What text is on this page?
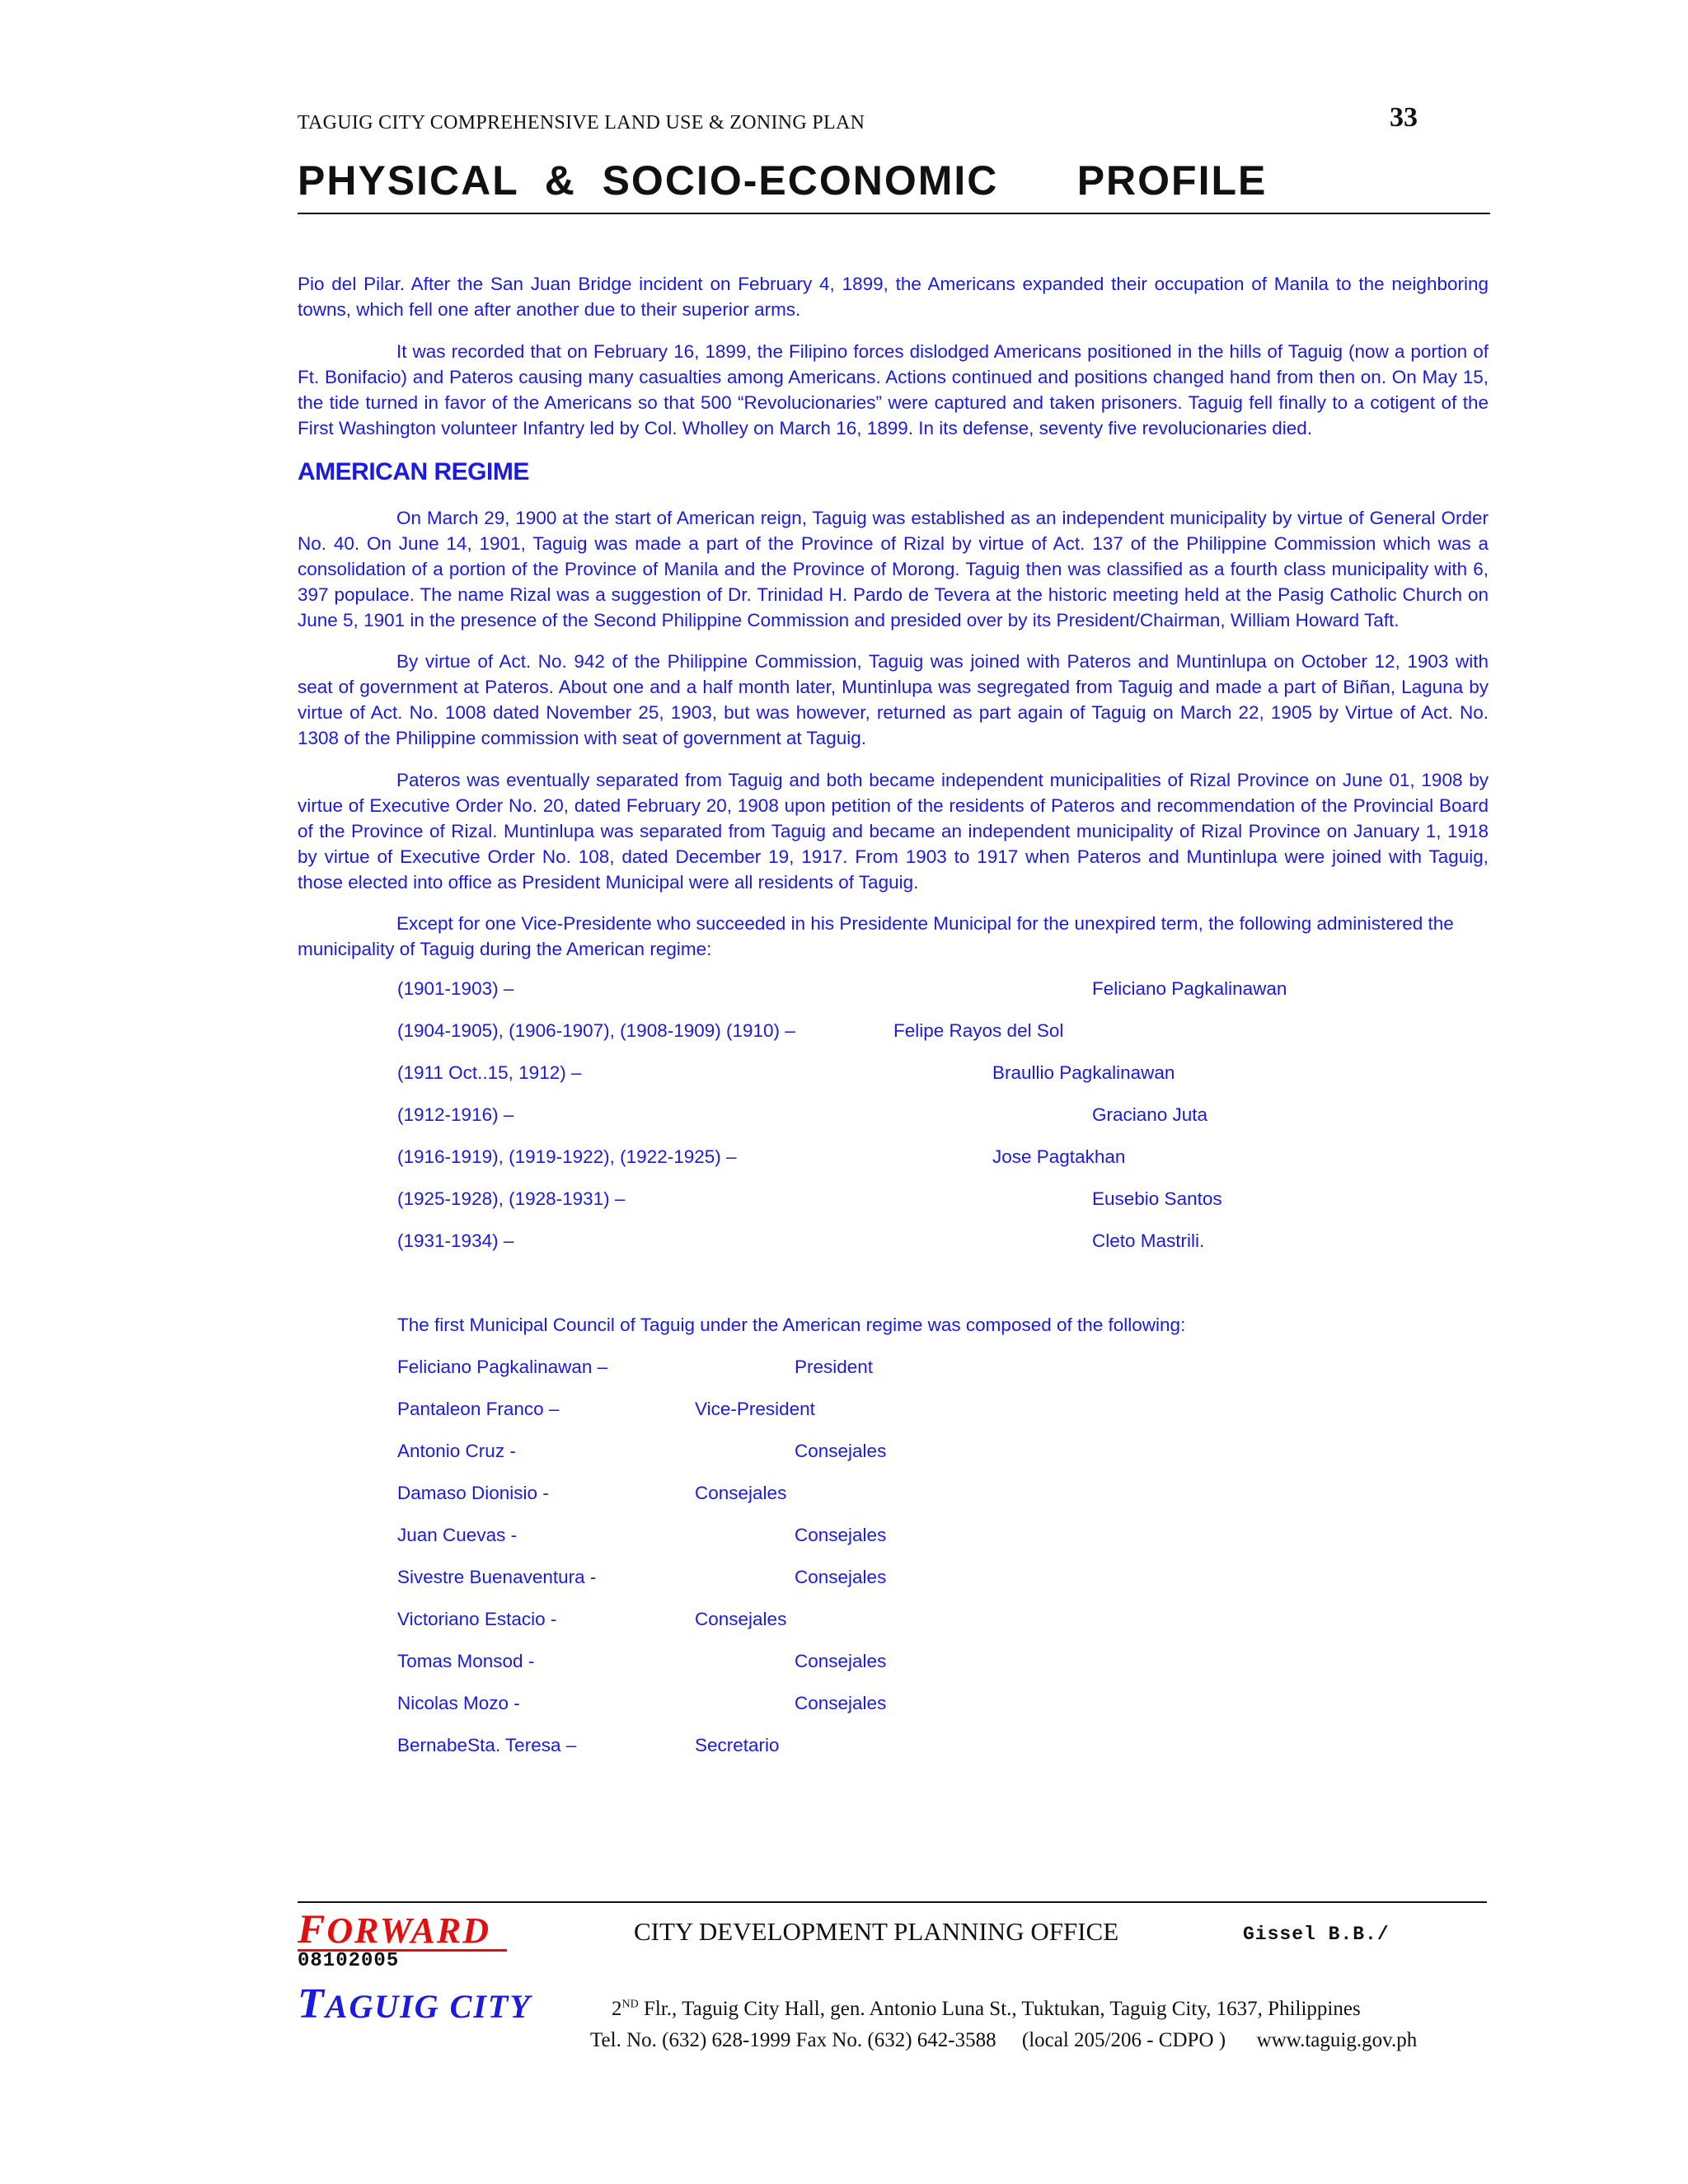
TAGUIG CITY COMPREHENSIVE LAND USE & ZONING PLAN	33
PHYSICAL  &  SOCIO-ECONOMIC      PROFILE
Pio del Pilar. After the San Juan Bridge incident on February 4, 1899, the Americans expanded their occupation of Manila to the neighboring towns, which fell one after another due to their superior arms.
It was recorded that on February 16, 1899, the Filipino forces dislodged Americans positioned in the hills of Taguig (now a portion of Ft. Bonifacio) and Pateros causing many casualties among Americans. Actions continued and positions changed hand from then on. On May 15, the tide turned in favor of the Americans so that 500 “Revolucionaries” were captured and taken prisoners. Taguig fell finally to a cotigent of the First Washington volunteer Infantry led by Col. Wholley on March 16, 1899. In its defense, seventy five revolucionaries died.
AMERICAN REGIME
On March 29, 1900 at the start of American reign, Taguig was established as an independent municipality by virtue of General Order No. 40. On June 14, 1901, Taguig was made a part of the Province of Rizal by virtue of Act. 137 of the Philippine Commission which was a consolidation of a portion of the Province of Manila and the Province of Morong. Taguig then was classified as a fourth class municipality with 6, 397 populace. The name Rizal was a suggestion of Dr. Trinidad H. Pardo de Tevera at the historic meeting held at the Pasig Catholic Church on June 5, 1901 in the presence of the Second Philippine Commission and presided over by its President/Chairman, William Howard Taft.
By virtue of Act. No. 942 of the Philippine Commission, Taguig was joined with Pateros and Muntinlupa on October 12, 1903 with seat of government at Pateros. About one and a half month later, Muntinlupa was segregated from Taguig and made a part of Biñan, Laguna by virtue of Act. No. 1008 dated November 25, 1903, but was however, returned as part again of Taguig on March 22, 1905 by Virtue of Act. No. 1308 of the Philippine commission with seat of government at Taguig.
Pateros was eventually separated from Taguig and both became independent municipalities of Rizal Province on June 01, 1908 by virtue of Executive Order No. 20, dated February 20, 1908 upon petition of the residents of Pateros and recommendation of the Provincial Board of the Province of Rizal. Muntinlupa was separated from Taguig and became an independent municipality of Rizal Province on January 1, 1918 by virtue of Executive Order No. 108, dated December 19, 1917. From 1903 to 1917 when Pateros and Muntinlupa were joined with Taguig, those elected into office as President Municipal were all residents of Taguig.
Except for one Vice-Presidente who succeeded in his Presidente Municipal for the unexpired term, the following administered the municipality of Taguig during the American regime:
(1901-1903) –	Feliciano Pagkalinawan
(1904-1905), (1906-1907), (1908-1909) (1910) –	Felipe Rayos del Sol
(1911 Oct..15, 1912) –	Braullio Pagkalinawan
(1912-1916) –	Graciano Juta
(1916-1919), (1919-1922), (1922-1925) –	Jose Pagtakhan
(1925-1928), (1928-1931) –	Eusebio Santos
(1931-1934) –	Cleto Mastrili.
The first Municipal Council of Taguig under the American regime was composed of the following:
Feliciano Pagkalinawan –	President
Pantaleon Franco –	Vice-President
Antonio Cruz -	Consejales
Damaso Dionisio -	Consejales
Juan Cuevas -	Consejales
Sivestre Buenaventura -	Consejales
Victoriano Estacio -	Consejales
Tomas Monsod -	Consejales
Nicolas Mozo -	Consejales
BernabeSta. Teresa –	Secretario
FORWARD
08102005
TAGUIG CITY
CITY DEVELOPMENT PLANNING OFFICE	Gissel B.B./
2ND Flr., Taguig City Hall, gen. Antonio Luna St., Tuktukan, Taguig City, 1637, Philippines
Tel. No. (632) 628-1999 Fax No. (632) 642-3588     (local 205/206 - CDPO )      www.taguig.gov.ph
